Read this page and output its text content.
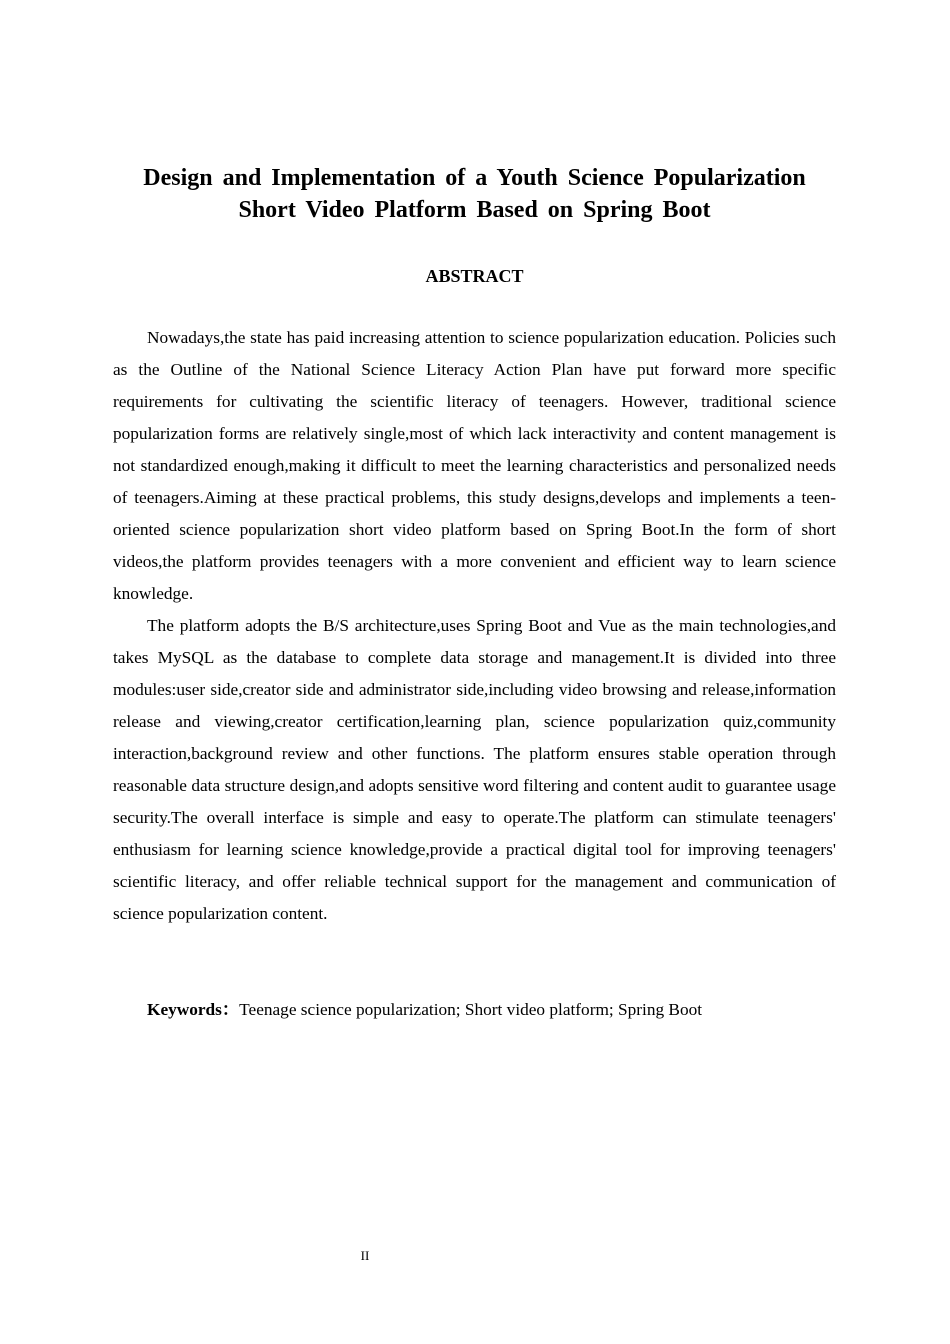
Design and Implementation of a Youth Science Popularization
Short Video Platform Based on Spring Boot
ABSTRACT

Nowadays,the state has paid increasing attention to science popularization education. Policies such as the Outline of the National Science Literacy Action Plan have put forward more specific requirements for cultivating the scientific literacy of teenagers. However, traditional science popularization forms are relatively single,most of which lack interactivity and content management is not standardized enough,making it difficult to meet the learning characteristics and personalized needs of teenagers.Aiming at these practical problems, this study designs,develops and implements a teen-oriented science popularization short video platform based on Spring Boot.In the form of short videos,the platform provides teenagers with a more convenient and efficient way to learn science knowledge.

The platform adopts the B/S architecture,uses Spring Boot and Vue as the main technologies,and takes MySQL as the database to complete data storage and management.It is divided into three modules:user side,creator side and administrator side,including video browsing and release,information release and viewing,creator certification,learning plan, science popularization quiz,community interaction,background review and other functions. The platform ensures stable operation through reasonable data structure design,and adopts sensitive word filtering and content audit to guarantee usage security.The overall interface is simple and easy to operate.The platform can stimulate teenagers' enthusiasm for learning science knowledge,provide a practical digital tool for improving teenagers' scientific literacy, and offer reliable technical support for the management and communication of science popularization content.

Keywords：Teenage science popularization; Short video platform; Spring Boot

II
